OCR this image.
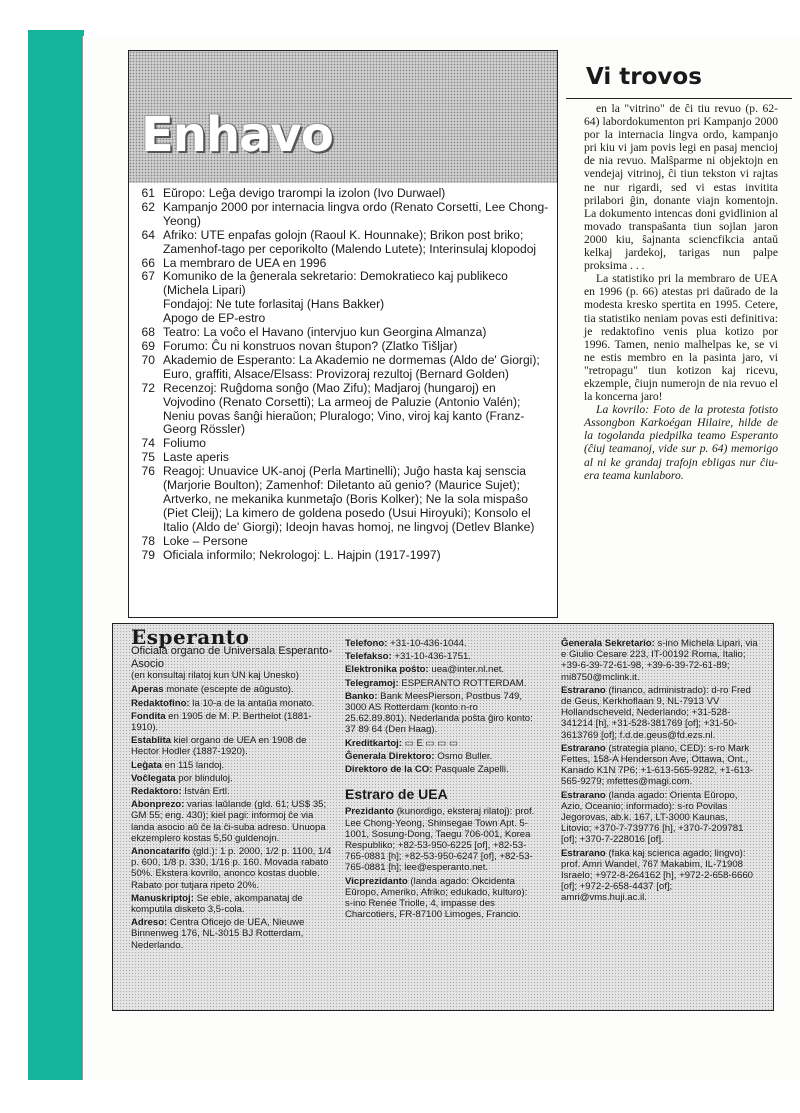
Enhavo
61 Eŭropo: Leĝa devigo trarompi la izolon (Ivo Durwael)
62 Kampanjo 2000 por internacia lingva ordo (Renato Corsetti, Lee Chong-Yeong)
64 Afriko: UTE enpafas golojn (Raoul K. Hounnake); Brikon post briko; Zamenhof-tago per ceporikolto (Malendo Lutete); Interinsulaj klopodoj
66 La membraro de UEA en 1996
67 Komuniko de la ĝenerala sekretario: Demokratieco kaj publikeco (Michela Lipari)
Fondajoj: Ne tute forlasitaj (Hans Bakker)
Apogo de EP-estro
68 Teatro: La voĉo el Havano (intervjuo kun Georgina Almanza)
69 Forumo: Ĉu ni konstruos novan ŝtupon? (Zlatko Tišljar)
70 Akademio de Esperanto: La Akademio ne dormemas (Aldo de' Giorgi); Euro, graffiti, Alsace/Elsass: Provizoraj rezultoj (Bernard Golden)
72 Recenzoj: Ruĝdoma sonĝo (Mao Zifu); Madjaroj (hungaroj) en Vojvodino (Renato Corsetti); La armeoj de Paluzie (Antonio Valén); Neniu povas ŝanĝi hieraŭon; Pluralogo; Vino, viroj kaj kanto (Franz-Georg Rössler)
74 Foliumo
75 Laste aperis
76 Reagoj: Unuavice UK-anoj (Perla Martinelli); Juĝo hasta kaj senscia (Marjorie Boulton); Zamenhof: Diletanto aŭ genio? (Maurice Sujet); Artverko, ne mekanika kunmetaĵo (Boris Kolker); Ne la sola mispaŝo (Piet Cleij); La kimero de goldena posedo (Usui Hiroyuki); Konsolo el Italio (Aldo de' Giorgi); Ideojn havas homoj, ne lingvoj (Detlev Blanke)
78 Loke – Persone
79 Oficiala informilo; Nekrologoj: L. Hajpin (1917-1997)
Vi trovos

en la "vitrino" de ĉi tiu revuo (p. 62-64) labordokumenton pri Kampanjo 2000 por la internacia lingva ordo, kampanjo pri kiu vi jam povis legi en pasaj mencioj de nia revuo. Malŝparme ni objektojn en vendejaj vitrinoj, ĉi tiun tekston vi rajtas ne nur rigardi, sed vi estas invitita prilabori ĝin, donante viajn komentojn. La dokumento intencas doni gvidlinion al movado transpaŝanta tiun sojlan jaron 2000 kiu, ŝajnanta sciencfikcia antaŭ kelkaj jardekoj, tarigas nun palpe proksima . . .

La statistiko pri la membraro de UEA en 1996 (p. 66) atestas pri daŭrado de la modesta kresko spertita en 1995. Cetere, tia statistiko neniam povas esti definitiva: je redaktofino venis plua kotizo por 1996. Tamen, nenio malhelpas ke, se vi ne estis membro en la pasinta jaro, vi "retropagu" tiun kotizon kaj ricevu, ekzemple, ĉiujn numerojn de nia revuo el la koncerna jaro!

La kovrilo: Foto de la protesta fotisto Assongbon Karkoégan Hilaire, hilde de la togolanda piedpilka teamo Esperanto (ĉiuj teamanoj, vide sur p. 64) memorigo al ni ke grandaj trafojn ebligas nur ĉiu-era teama kunlaboro.

Esperanto
Oficiala organo de Universala Esperanto-Asocio
(en konsultaj rilatoj kun UN kaj Unesko)

Aperas monate (escepte de aŭgusto).

Redaktofino: la 10-a de la antaŭa monato.

Fondita en 1905 de M. P. Berthelot (1881-1910).

Establita kiel organo de UEA en 1908 de Hector Hodler (1887-1920).

Leĝata en 115 landoj.

Voĉlegata por blinduloj.

Redaktoro: István Ertl.

Abonprezo: varias laŭlande (gld. 61; US$ 35; GM 55; eng. 430); kiel pagi: informoj ĉe via landa asocio aŭ ĉe la ĉi-suba adreso. Unuopa ekzemplero kostas 5,50 guldenojn.

Anoncatarifo (gld.): 1 p. 2000, 1/2 p. 1100, 1/4 p. 600, 1/8 p. 330, 1/16 p. 160. Movada rabato 50%. Ekstera kovrilo, anonco kostas duoble. Rabato por tutjara ripeto 20%.

Manuskriptoj: Se eble, akompanataj de komputila disketo 3,5-cola.

Adreso: Centra Oficejo de UEA, Nieuwe Binnenweg 176, NL-3015 BJ Rotterdam, Nederlando.

Telefono: +31-10-436-1044.

Telefakso: +31-10-436-1751.

Elektronika poŝto: uea@inter.nl.net.

Telegramoj: ESPERANTO ROTTERDAM.

Banko: Bank MeesPierson, Postbus 749, 3000 AS Rotterdam (konto n-ro 25.62.89.801). Nederlanda poŝta ĝiro konto: 37 89 64 (Den Haag).

Kreditkartoj: ▭ E ▭ ▭ ▭

Ĝenerala Direktoro: Osmo Buller.

Direktoro de la CO: Pasquale Zapelli.

Estraro de UEA

Prezidanto (kunordigo, eksteraj rilatoj): prof. Lee Chong-Yeong, Shinsegae Town Apt. 5-1001, Sosung-Dong, Taegu 706-001, Korea Respubliko; +82-53-950-6225 [of], +82-53-765-0881 [h]; +82-53-950-6247 [of], +82-53-765-0881 [h]; lee@esperanto.net.

Vicprezidanto (landa agado: Okcidenta Eŭropo, Ameriko, Afriko; edukado, kulturo): s-ino Renée Triolle, 4, impasse des Charcotiers, FR-87100 Limoges, Francio.

Ĝenerala Sekretario: s-ino Michela Lipari, via e Giulio Cesare 223, IT-00192 Roma, Italio; +39-6-39-72-61-98, +39-6-39-72-61-89; mi8750@mclink.it.

Estrarano (financo, administrado): d-ro Fred de Geus, Kerkhoflaan 9, NL-7913 VV Hollandscheveld, Nederlando; +31-528-341214 [h], +31-528-381769 [of]; +31-50-3613769 [of]; f.d.de.geus@fd.ezs.nl.

Estrarano (strategia plano, CED): s-ro Mark Fettes, 158-A Henderson Ave, Ottawa, Ont., Kanado K1N 7P6; +1-613-565-9282, +1-613-565-9279; mfettes@magi.com.

Estrarano (landa agado: Orienta Eŭropo, Azio, Oceanio; informado): s-ro Povilas Jegorovas, ab.k. 167, LT-3000 Kaunas, Litovio; +370-7-739776 [h], +370-7-209781 [of]; +370-7-228016 [of].

Estrarano (faka kaj scienca agado; lingvo): prof. Amri Wandel, 767 Makabim, IL-71908 Israelo; +972-8-264162 [h], +972-2-658-6660 [of]; +972-2-658-4437 [of]; amri@vms.huji.ac.il.
